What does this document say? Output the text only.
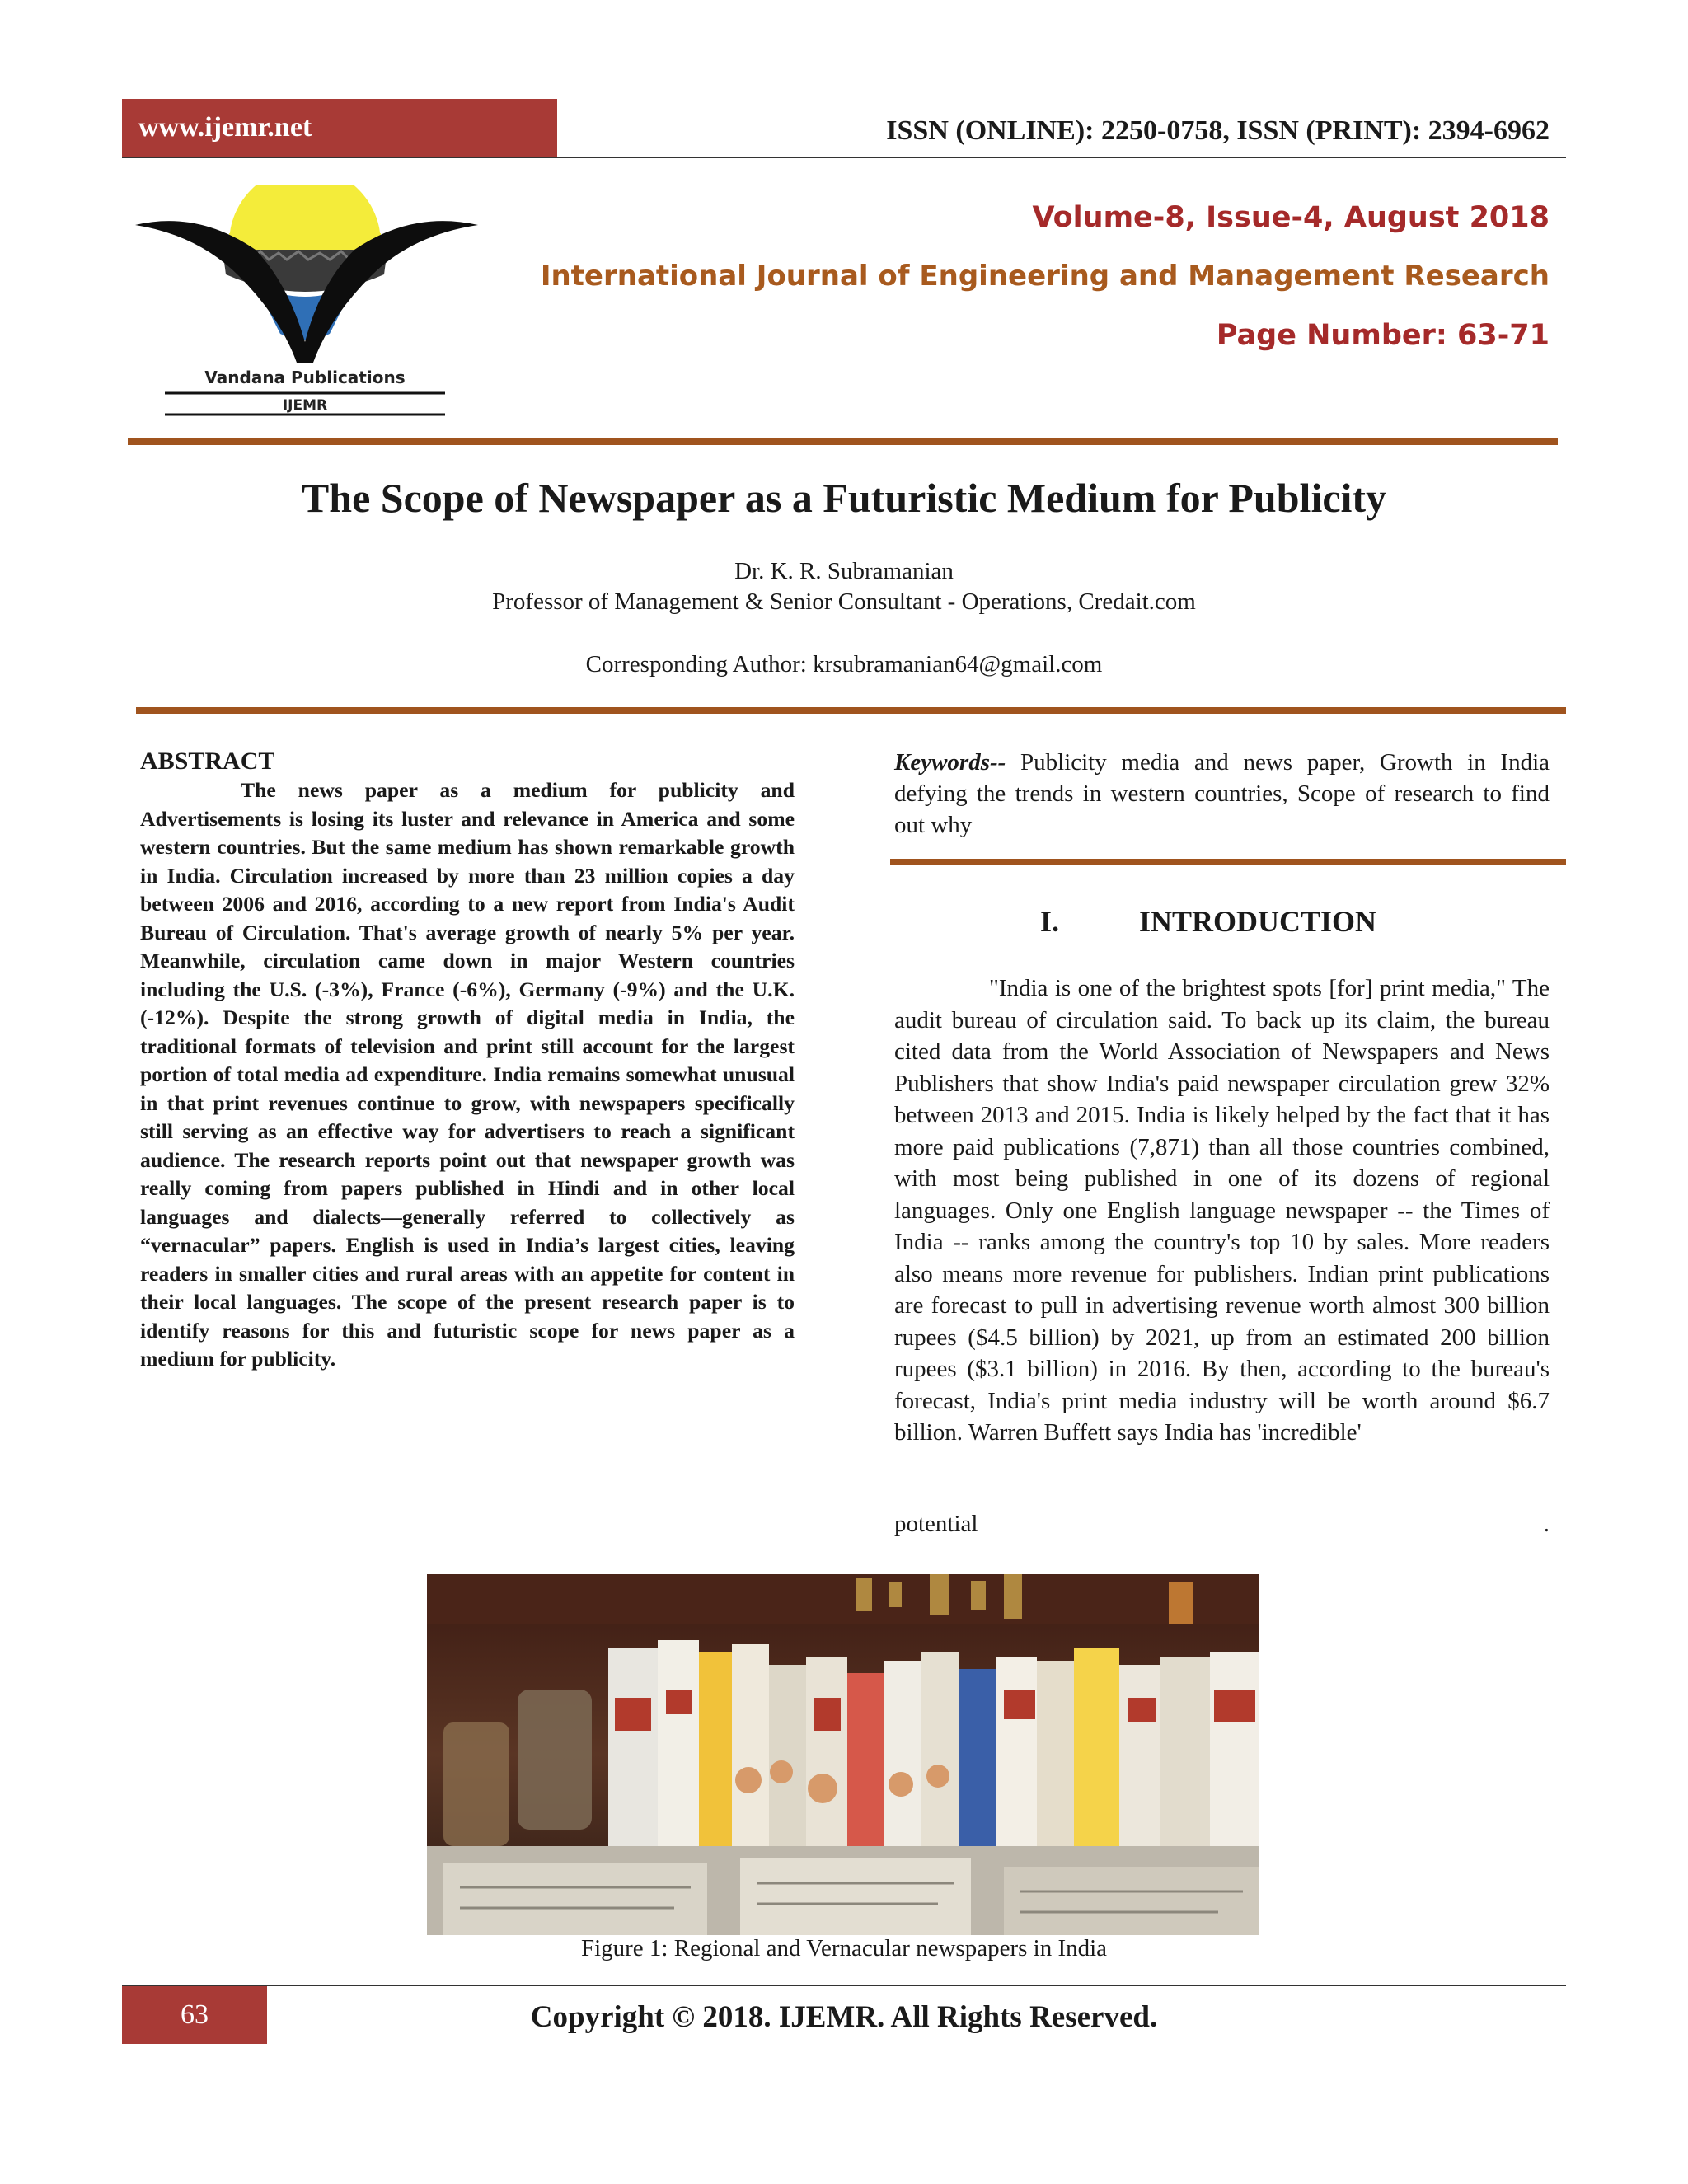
www.ijemr.net	ISSN (ONLINE): 2250-0758, ISSN (PRINT): 2394-6962
Vandana Publications
IJEMR
Volume-8, Issue-4, August 2018
International Journal of Engineering and Management Research
Page Number: 63-71
The Scope of Newspaper as a Futuristic Medium for Publicity
Dr. K. R. Subramanian
Professor of Management & Senior Consultant - Operations, Credait.com
Corresponding Author: krsubramanian64@gmail.com
ABSTRACT

The news paper as a medium for publicity and Advertisements is losing its luster and relevance in America and some western countries. But the same medium has shown remarkable growth in India. Circulation increased by more than 23 million copies a day between 2006 and 2016, according to a new report from India's Audit Bureau of Circulation. That's average growth of nearly 5% per year. Meanwhile, circulation came down in major Western countries including the U.S. (-3%), France (-6%), Germany (-9%) and the U.K. (-12%). Despite the strong growth of digital media in India, the traditional formats of television and print still account for the largest portion of total media ad expenditure. India remains somewhat unusual in that print revenues continue to grow, with newspapers specifically still serving as an effective way for advertisers to reach a significant audience. The research reports point out that newspaper growth was really coming from papers published in Hindi and in other local languages and dialects—generally referred to collectively as “vernacular” papers. English is used in India’s largest cities, leaving readers in smaller cities and rural areas with an appetite for content in their local languages. The scope of the present research paper is to identify reasons for this and futuristic scope for news paper as a medium for publicity.

Keywords-- Publicity media and news paper, Growth in India defying the trends in western countries, Scope of research to find out why

I.	INTRODUCTION

"India is one of the brightest spots [for] print media," The audit bureau of circulation said. To back up its claim, the bureau cited data from the World Association of Newspapers and News Publishers that show India's paid newspaper circulation grew 32% between 2013 and 2015. India is likely helped by the fact that it has more paid publications (7,871) than all those countries combined, with most being published in one of its dozens of regional languages. Only one English language newspaper -- the Times of India -- ranks among the country's top 10 by sales. More readers also means more revenue for publishers. Indian print publications are forecast to pull in advertising revenue worth almost 300 billion rupees ($4.5 billion) by 2021, up from an estimated 200 billion rupees ($3.1 billion) in 2016. By then, according to the bureau's forecast, India's print media industry will be worth around $6.7 billion. Warren Buffett says India has 'incredible'

potential	.
Figure 1: Regional and Vernacular newspapers in India
63	Copyright © 2018. IJEMR. All Rights Reserved.
